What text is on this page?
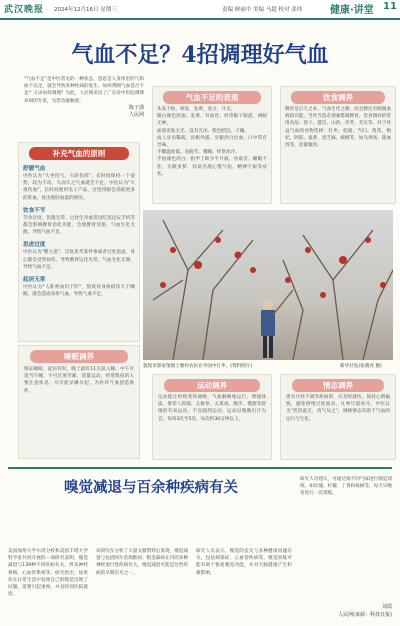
武汉晚报 2024年12月16日 星期三	责编 鲜丽中 美编 马超 校对 张炜	健康·讲堂 11
气血不足？4招调理好气血
"气血不足"是中医常见的一种状态，意思是人身体里的气和血不充足，就会导致各种疾病的发生。如何判断气血是否不足？又该如何调理？为此，人民网采访了广东省中医院调理养研的专家，为您答疑解惑。
陈子潇
人民网
补充气血的原则
舒缓气血
中医认为"久坐伤气、久卧伤肉"，长时间保持一个姿势，较为不动，久而久之气血就会不足。中医认为"久视伤血"，长时间使用电子产品、过度用眼会消耗更多的肝血，易出现肝血虚的情况。
饮食不节
节食过度、饥饱无常、过食生冷或者边吃饭边玩手机等都会影响脾胃消化功能，会使脾胃受损，气血生化无源，导致气血不足。
思虑过度
中医认为"脾主思"，反复思考某件事或者过度思虑，身心都会受到损伤，导致脾胃运化失常，气血生化无源，导致气血不足。
起居无常
中医认为"人卧则血归于肝"，熬夜对身体损伤大于睡眠，就会造成身体气血，导致气血不足。
气血不足的表现
头发干枯、掉发、发黄、发白、开叉。
眼白颜色浑浊、发黄、有血丝、经常眼干眼涩、两眼无神。
面部皮肤无光、没有光泽、脸色暗沉、干燥。
成人牙齿稀疏、齿根外露、牙龈淡白出血、口中常有异味。
手脚温度低、易疲劳、嗜睡、经常冰冷。
手指颜色淡白、指甲上缺少半月痕、食欲差、睡眠不佳、失眠多梦、容易出现心慌气短、精神不振等症状。
饮食调养
脾胃是后天之本，气血生化之源。而且脾还有统摄血液的功能，当作当选必须素搭调脾胃。饮食调养的常用食品：莲子、薏苡、山药、茯苓、芡实等，对于补益气血的食物选择：红枣、桂圆、当归、黄芪、枸杞、阿胶、桑葚、黑芝麻、核桃等，如乌鸡汤、猪血汤等，适量服用。
敦煌市郭家堡镇土塘村农民在枣园中打枣。(资料照片)	新华社发(张晓亮 摄)
睡眠调养
保证睡眠，起居有时，晚上最好11点前入睡，中午可适当午睡，不可过度劳累，适量运动，经常熬夜的人要注意休息，尽可能早睡早起，为补养气血创造条件。
运动调养
运动能让经络变得通畅，气血顺畅地运行，增强体质。推荐八段锦、太极拳、五禽戏、散步、慢跑等舒缓的有氧运动，不宜剧烈运动，运动以微微出汗为宜，每周3次至5次，每次约30分钟以上。
情志调养
患有月经不调等疾病的，应及时就医。保持心情愉悦，避免情绪过度波动，凡事尽量看开。中医认为"恬淡虚无，真气从之"，调畅情志有助于气血的运行与生化。
嗅觉减退与百余种疾病有关
美国加州大学尔湾分校和美国丰塔大学科学家共同开展的一项研究表明，嗅觉减退与139种不同疾病有关，涉及神经系统、心血管系统等。研究指出，如果你在日常生活中发现自己的嗅觉出现了问题，需要引起重视，并及时到医院就诊。
该研究在分析了大量文献资料后发现，嗅觉减退与包括阿尔茨海默病、帕金森病在内的多种神经退行性疾病有关，嗅觉减退可能是这些疾病的早期信号之一。
研究人员表示，嗅觉的丧失与多种健康问题有关，包括抑郁症、心血管疾病等。嗅觉训练可能有助于恢复嗅觉功能，并对大脑健康产生积极影响。
研究人员建议，可通过闻不同气味进行嗅觉训练，如玫瑰、柠檬、丁香和桉树等，每天早晚各进行一次训练。
刘霞
人民网(来源：科技日报)
